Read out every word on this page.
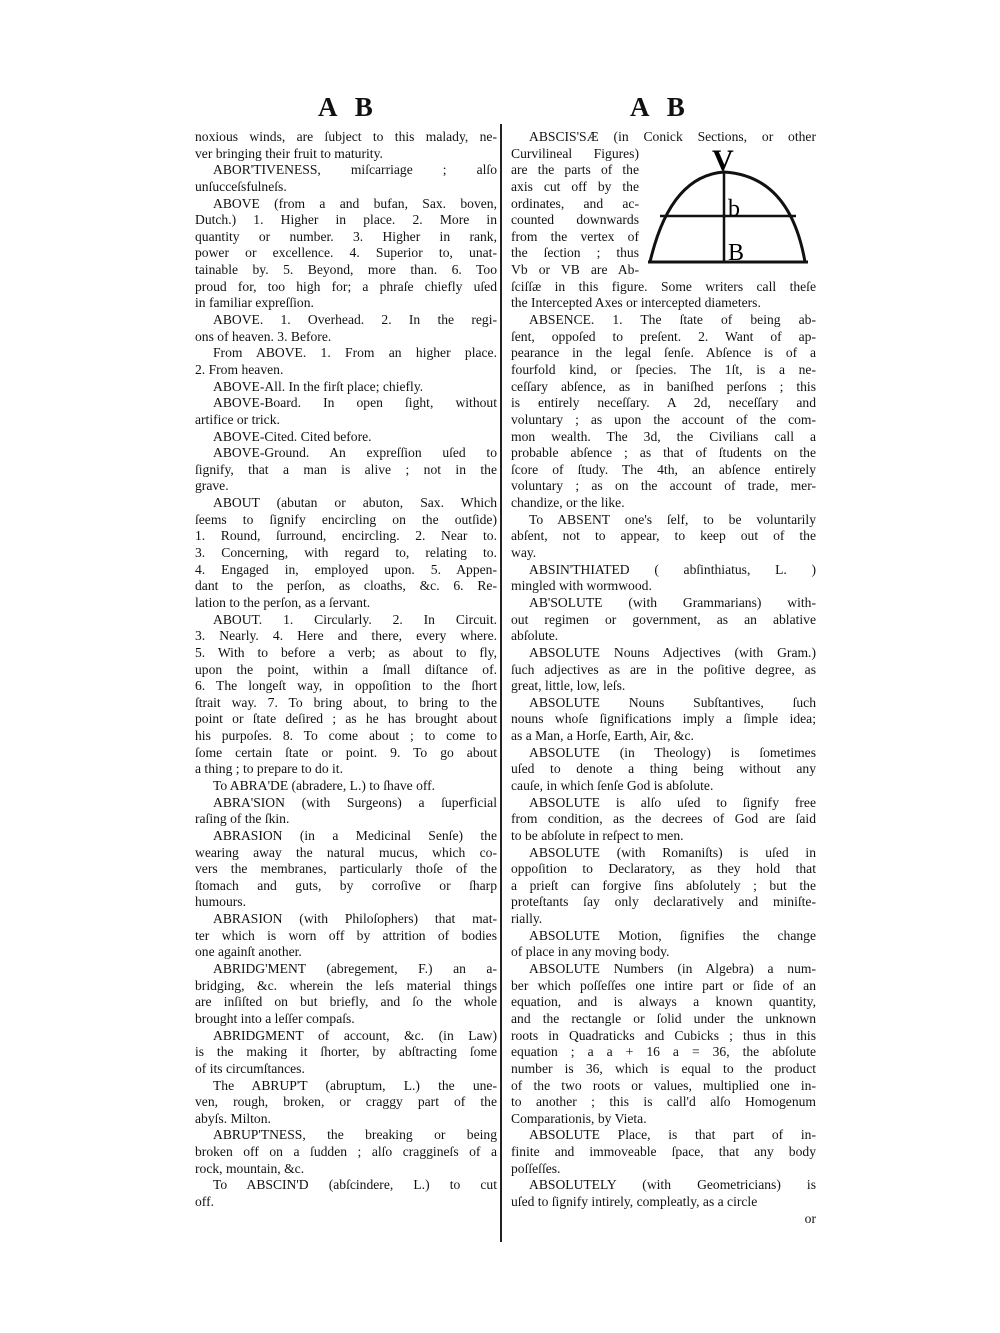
A B	A B
noxious winds, are ſubject to this malady, ne-
ver bringing their fruit to maturity.
ABOR'TIVENESS, miſcarriage ; alſo
unſucceſsfulneſs.
ABOVE (from a and bufan, Sax. boven,
Dutch.) 1. Higher in place. 2. More in
quantity or number. 3. Higher in rank,
power or excellence. 4. Superior to, unat-
tainable by. 5. Beyond, more than. 6. Too
proud for, too high for; a phraſe chiefly uſed
in familiar expreſſion.
ABOVE. 1. Overhead. 2. In the regi-
ons of heaven. 3. Before.
From ABOVE. 1. From an higher place.
2. From heaven.
ABOVE-All. In the firſt place; chiefly.
ABOVE-Board. In open ſight, without
artifice or trick.
ABOVE-Cited. Cited before.
ABOVE-Ground. An expreſſion uſed to
ſignify, that a man is alive ; not in the
grave.
ABOUT (abutan or abuton, Sax. Which
ſeems to ſignify encircling on the outſide)
1. Round, ſurround, encircling. 2. Near to.
3. Concerning, with regard to, relating to.
4. Engaged in, employed upon. 5. Appen-
dant to the perſon, as cloaths, &c. 6. Re-
lation to the perſon, as a ſervant.
ABOUT. 1. Circularly. 2. In Circuit.
3. Nearly. 4. Here and there, every where.
5. With to before a verb; as about to fly,
upon the point, within a ſmall diſtance of.
6. The longeſt way, in oppoſition to the ſhort
ſtrait way. 7. To bring about, to bring to the
point or ſtate deſired ; as he has brought about
his purpoſes. 8. To come about ; to come to
ſome certain ſtate or point. 9. To go about
a thing ; to prepare to do it.
To ABRA'DE (abradere, L.) to ſhave off.
ABRA'SION (with Surgeons) a ſuperficial
raſing of the ſkin.
ABRASION (in a Medicinal Senſe) the
wearing away the natural mucus, which co-
vers the membranes, particularly thoſe of the
ſtomach and guts, by corroſive or ſharp
humours.
ABRASION (with Philoſophers) that mat-
ter which is worn off by attrition of bodies
one againſt another.
ABRIDG'MENT (abregement, F.) an a-
bridging, &c. wherein the leſs material things
are inſiſted on but briefly, and ſo the whole
brought into a leſſer compaſs.
ABRIDGMENT of account, &c. (in Law)
is the making it ſhorter, by abſtracting ſome
of its circumſtances.
The ABRUP'T (abruptum, L.) the une-
ven, rough, broken, or craggy part of the
abyſs. Milton.
ABRUP'TNESS, the breaking or being
broken off on a ſudden ; alſo cragginеſs of a
rock, mountain, &c.
To ABSCIN'D (abſcindere, L.) to cut
off.
ABSCIS'SÆ (in Conick Sections, or other
Curvilineal Figures)
are the parts of the
axis cut off by the
ordinates, and ac-
counted downwards
from the vertex of
the ſection ; thus
Vb or VB are Ab-
ſciſſæ in this figure. Some writers call theſe
the Intercepted Axes or intercepted diameters.
ABSENCE. 1. The ſtate of being ab-
ſent, oppoſed to preſent. 2. Want of ap-
pearance in the legal ſenſe. Abſence is of a
fourfold kind, or ſpecies. The 1ſt, is a ne-
ceſſary abſence, as in baniſhed perſons ; this
is entirely neceſſary. A 2d, neceſſary and
voluntary ; as upon the account of the com-
mon wealth. The 3d, the Civilians call a
probable abſence ; as that of ſtudents on the
ſcore of ſtudy. The 4th, an abſence entirely
voluntary ; as on the account of trade, mer-
chandize, or the like.
To ABSENT one's ſelf, to be voluntarily
abſent, not to appear, to keep out of the
way.
ABSIN'THIATED ( abſinthiatus, L. )
mingled with wormwood.
AB'SOLUTE (with Grammarians) with-
out regimen or government, as an ablative
abſolute.
ABSOLUTE Nouns Adjectives (with Gram.)
ſuch adjectives as are in the poſitive degree, as
great, little, low, leſs.
ABSOLUTE Nouns Subſtantives, ſuch
nouns whoſe ſignifications imply a ſimple idea;
as a Man, a Horſe, Earth, Air, &c.
ABSOLUTE (in Theology) is ſometimes
uſed to denote a thing being without any
cauſe, in which ſenſe God is abſolute.
ABSOLUTE is alſo uſed to ſignify free
from condition, as the decrees of God are ſaid
to be abſolute in reſpect to men.
ABSOLUTE (with Romaniſts) is uſed in
oppoſition to Declaratory, as they hold that
a prieſt can forgive ſins abſolutely ; but the
proteſtants ſay only declaratively and miniſte-
rially.
ABSOLUTE Motion, ſignifies the change
of place in any moving body.
ABSOLUTE Numbers (in Algebra) a num-
ber which poſſeſſes one intire part or ſide of an
equation, and is always a known quantity,
and the rectangle or ſolid under the unknown
roots in Quadraticks and Cubicks ; thus in this
equation ; a a + 16 a = 36, the abſolute
number is 36, which is equal to the product
of the two roots or values, multiplied one in-
to another ; this is call'd alſo Homogenum
Comparationis, by Vieta.
ABSOLUTE Place, is that part of in-
finite and immoveable ſpace, that any body
poſſeſſes.
ABSOLUTELY (with Geometricians) is
uſed to ſignify intirely, compleatly, as a circle
or
V
b
B
